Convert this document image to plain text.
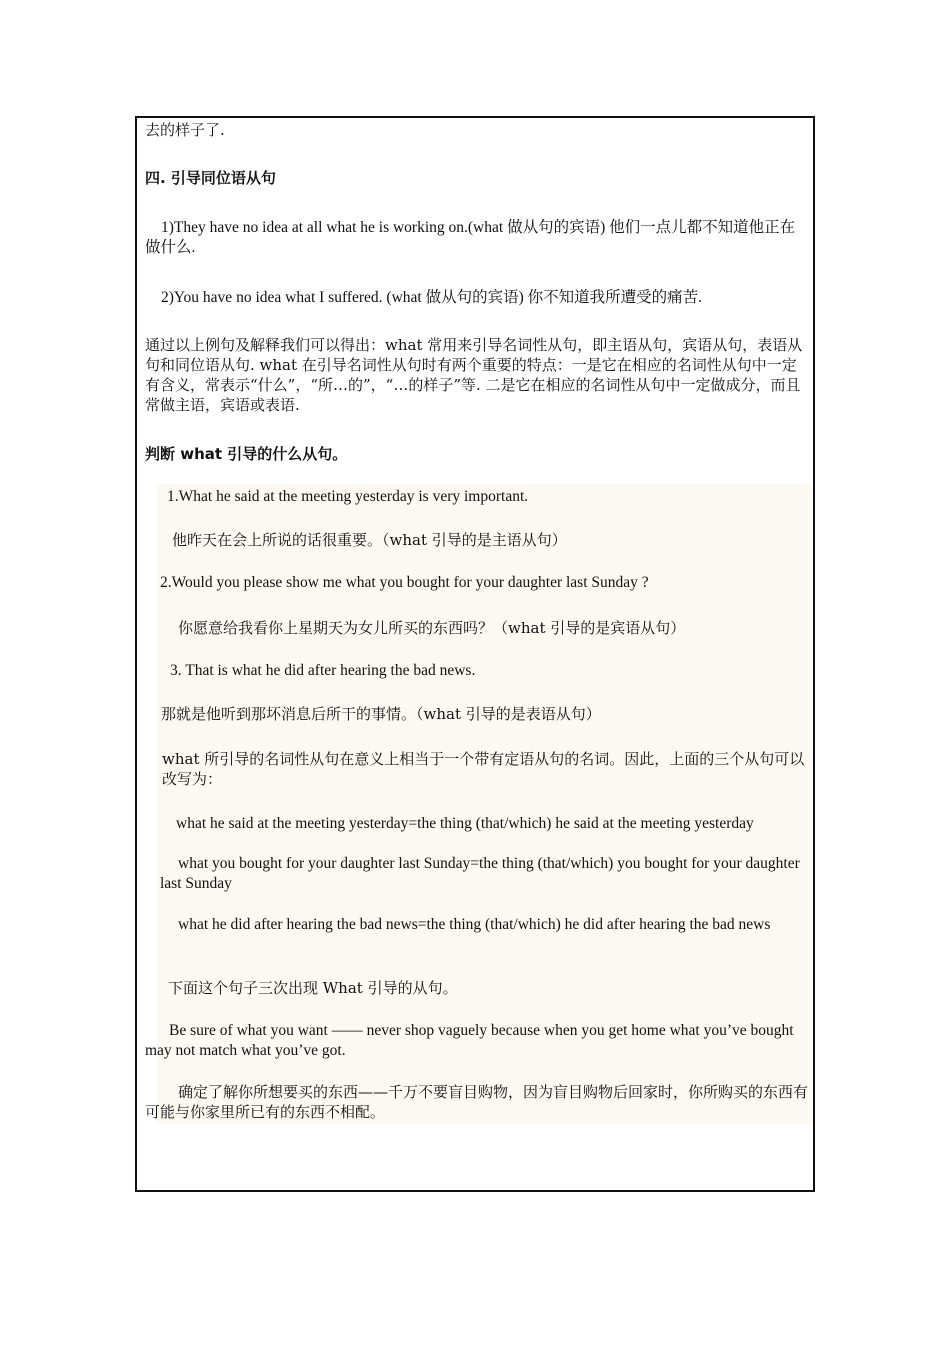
去的样子了.

四. 引导同位语从句

1)They have no idea at all what he is working on.(what 做从句的宾语) 他们一点儿都不知道他正在做什么.

2)You have no idea what I suffered. (what 做从句的宾语) 你不知道我所遭受的痛苦.

通过以上例句及解释我们可以得出：what 常用来引导名词性从句，即主语从句，宾语从句，表语从句和同位语从句. what 在引导名词性从句时有两个重要的特点：一是它在相应的名词性从句中一定有含义，常表示“什么”，“所…的”，“…的样子”等. 二是它在相应的名词性从句中一定做成分，而且常做主语，宾语或表语.

判断 what 引导的什么从句。

1.What he said at the meeting yesterday is very important.

他昨天在会上所说的话很重要。（what 引导的是主语从句）

2.Would you please show me what you bought for your daughter last Sunday ?

你愿意给我看你上星期天为女儿所买的东西吗？（what 引导的是宾语从句）

3. That is what he did after hearing the bad news.

那就是他听到那坏消息后所干的事情。（what 引导的是表语从句）

what 所引导的名词性从句在意义上相当于一个带有定语从句的名词。因此，上面的三个从句可以改写为：

what he said at the meeting yesterday=the thing (that/which) he said at the meeting yesterday

what you bought for your daughter last Sunday=the thing (that/which) you bought for your daughter last Sunday

what he did after hearing the bad news=the thing (that/which) he did after hearing the bad news

下面这个句子三次出现 What 引导的从句。

Be sure of what you want —— never shop vaguely because when you get home what you’ve bought may not match what you’ve got.

确定了解你所想要买的东西——千万不要盲目购物，因为盲目购物后回家时，你所购买的东西有可能与你家里所已有的东西不相配。
